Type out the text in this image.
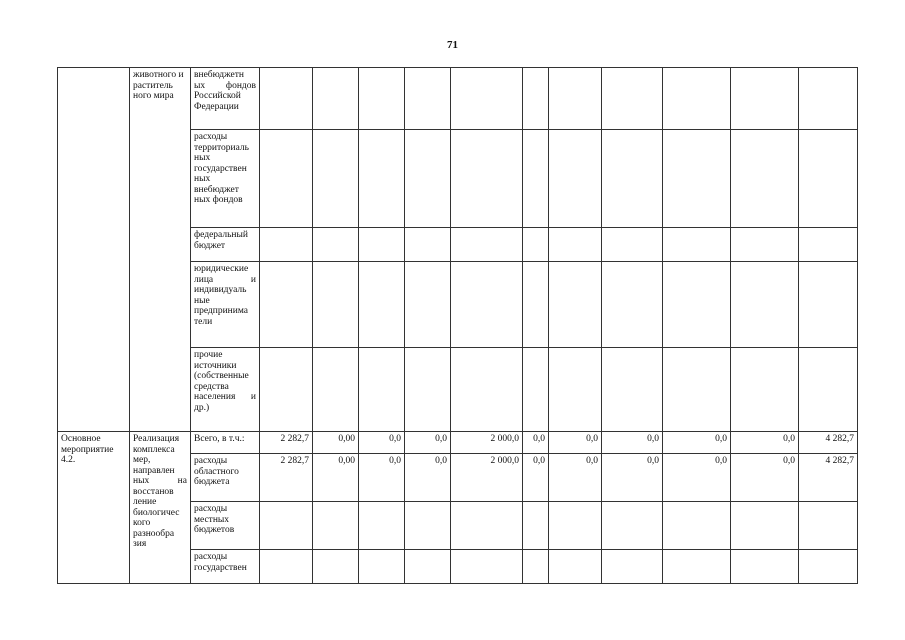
71
	животного и раститель ного мира	внебюджетн ых фондов Российской Федерации											
		расходы территориаль ных государствен ных внебюджет ных фондов											
		федеральный бюджет											
		юридические лица и индивидуаль ные предпринима тели											
		прочие источники (собственные средства населения и др.)											
Основное мероприятие 4.2.	Реализация комплекса мер, направлен ных на восстанов ление биологичес кого разнообра зия	Всего, в т.ч.:	2 282,7	0,00	0,0	0,0	2 000,0	0,0	0,0	0,0	0,0	0,0	4 282,7
		расходы областного бюджета	2 282,7	0,00	0,0	0,0	2 000,0	0,0	0,0	0,0	0,0	0,0	4 282,7
		расходы местных бюджетов											
		расходы государствен											
